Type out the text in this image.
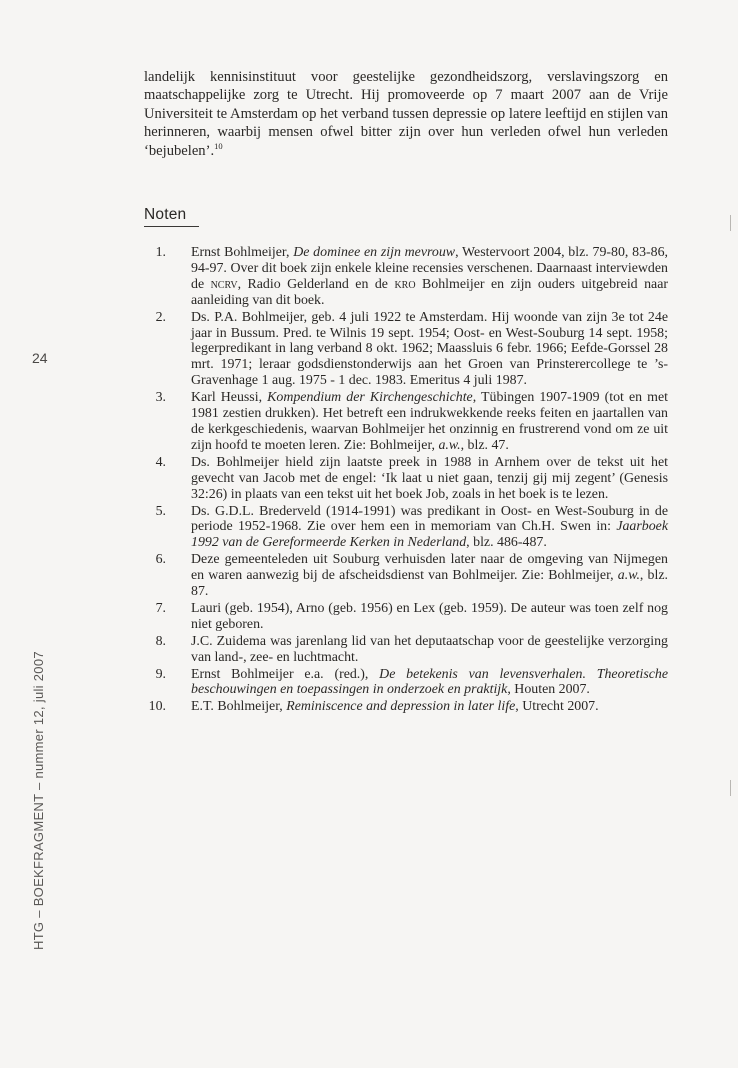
landelijk kennisinstituut voor geestelijke gezondheidszorg, verslavingszorg en maatschappelijke zorg te Utrecht. Hij promoveerde op 7 maart 2007 aan de Vrije Universiteit te Amsterdam op het verband tussen depressie op latere leeftijd en stijlen van herinneren, waarbij mensen ofwel bitter zijn over hun verleden ofwel hun verleden ‘bejubelen’.$^{10}$

Noten
1. Ernst Bohlmeijer, De dominee en zijn mevrouw, Westervoort 2004, blz. 79-80, 83-86, 94-97. Over dit boek zijn enkele kleine recensies verschenen. Daarnaast interviewden de ncrv, Radio Gelderland en de kro Bohlmeijer en zijn ouders uitgebreid naar aanleiding van dit boek.
2. Ds. P.A. Bohlmeijer, geb. 4 juli 1922 te Amsterdam. Hij woonde van zijn 3e tot 24e jaar in Bussum. Pred. te Wilnis 19 sept. 1954; Oost- en West-Souburg 14 sept. 1958; legerpredikant in lang verband 8 okt. 1962; Maassluis 6 febr. 1966; Eefde-Gorssel 28 mrt. 1971; leraar godsdienstonderwijs aan het Groen van Prinsterercollege te ’s-Gravenhage 1 aug. 1975 - 1 dec. 1983. Emeritus 4 juli 1987.
3. Karl Heussi, Kompendium der Kirchengeschichte, Tübingen 1907-1909 (tot en met 1981 zestien drukken). Het betreft een indrukwekkende reeks feiten en jaartallen van de kerkgeschiedenis, waarvan Bohlmeijer het onzinnig en frustrerend vond om ze uit zijn hoofd te moeten leren. Zie: Bohlmeijer, a.w., blz. 47.
4. Ds. Bohlmeijer hield zijn laatste preek in 1988 in Arnhem over de tekst uit het gevecht van Jacob met de engel: ‘Ik laat u niet gaan, tenzij gij mij zegent’ (Genesis 32:26) in plaats van een tekst uit het boek Job, zoals in het boek is te lezen.
5. Ds. G.D.L. Brederveld (1914-1991) was predikant in Oost- en West-Souburg in de periode 1952-1968. Zie over hem een in memoriam van Ch.H. Swen in: Jaarboek 1992 van de Gereformeerde Kerken in Nederland, blz. 486-487.
6. Deze gemeenteleden uit Souburg verhuisden later naar de omgeving van Nijmegen en waren aanwezig bij de afscheidsdienst van Bohlmeijer. Zie: Bohlmeijer, a.w., blz. 87.
7. Lauri (geb. 1954), Arno (geb. 1956) en Lex (geb. 1959). De auteur was toen zelf nog niet geboren.
8. J.C. Zuidema was jarenlang lid van het deputaatschap voor de geestelijke verzorging van land-, zee- en luchtmacht.
9. Ernst Bohlmeijer e.a. (red.), De betekenis van levensverhalen. Theoretische beschouwingen en toepassingen in onderzoek en praktijk, Houten 2007.
10. E.T. Bohlmeijer, Reminiscence and depression in later life, Utrecht 2007.
24
HTG – BOEKFRAGMENT – nummer 12, juli 2007
